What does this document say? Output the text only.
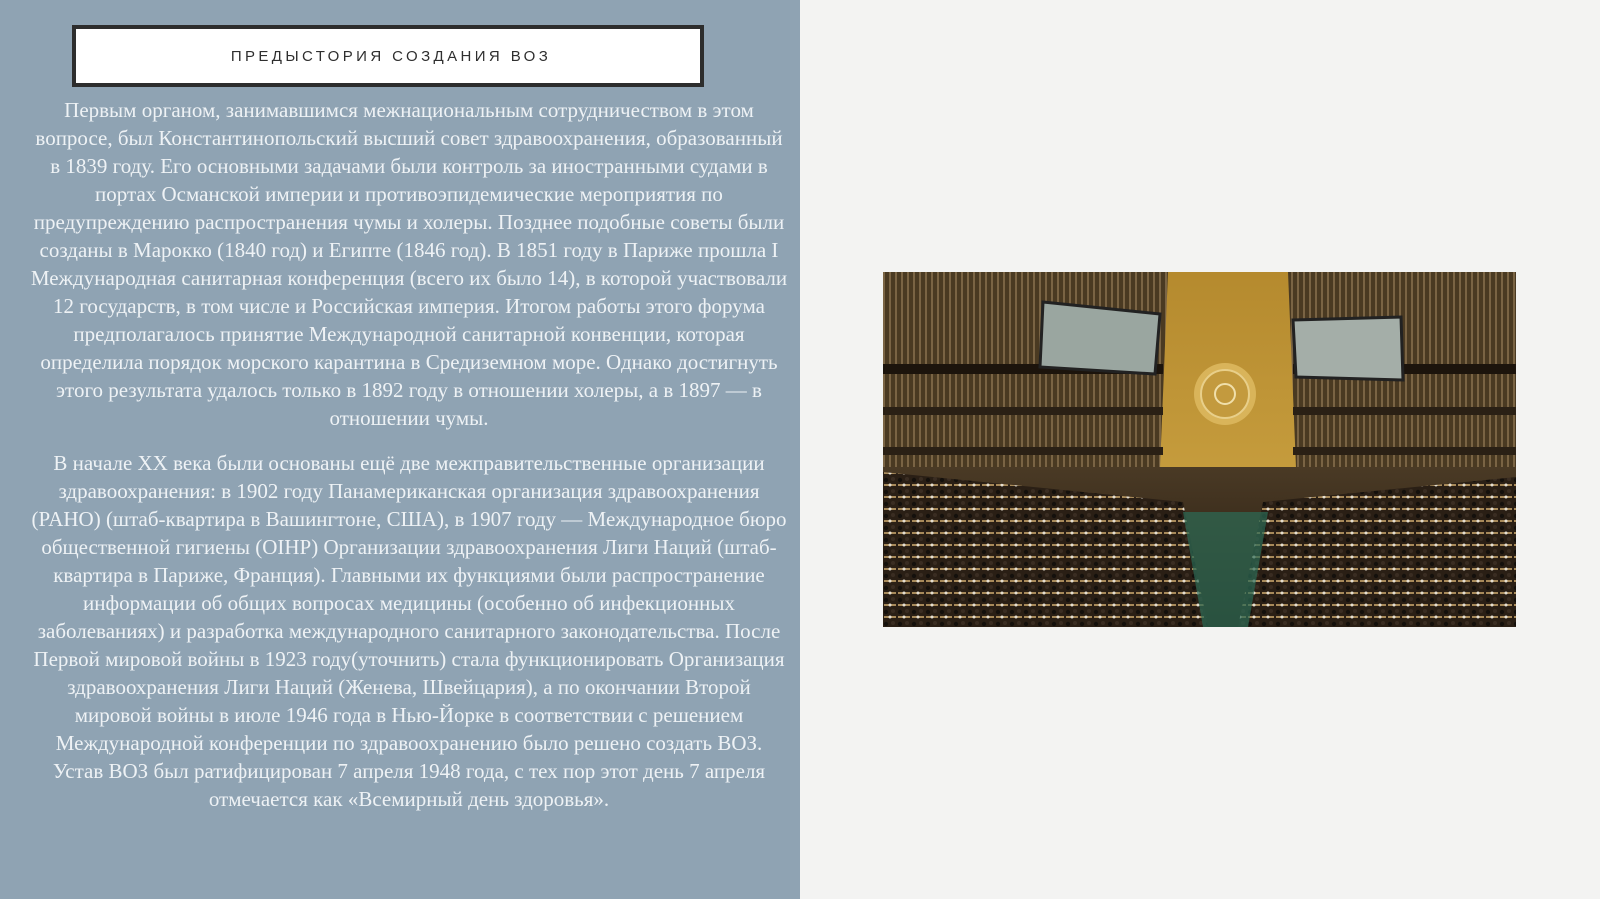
ПРЕДЫСТОРИЯ СОЗДАНИЯ ВОЗ

Первым органом, занимавшимся межнациональным сотрудничеством в этом вопросе, был Константинопольский высший совет здравоохранения, образованный в 1839 году. Его основными задачами были контроль за иностранными судами в портах Османской империи и противоэпидемические мероприятия по предупреждению распространения чумы и холеры. Позднее подобные советы были созданы в Марокко (1840 год) и Египте (1846 год). В 1851 году в Париже прошла I Международная санитарная конференция (всего их было 14), в которой участвовали 12 государств, в том числе и Российская империя. Итогом работы этого форума предполагалось принятие Международной санитарной конвенции, которая определила порядок морского карантина в Средиземном море. Однако достигнуть этого результата удалось только в 1892 году в отношении холеры, а в 1897 — в отношении чумы.

В начале XX века были основаны ещё две межправительственные организации здравоохранения: в 1902 году Панамериканская организация здравоохранения (PAHO) (штаб-квартира в Вашингтоне, США), в 1907 году — Международное бюро общественной гигиены (OIHP) Организации здравоохранения Лиги Наций (штаб-квартира в Париже, Франция). Главными их функциями были распространение информации об общих вопросах медицины (особенно об инфекционных заболеваниях) и разработка международного санитарного законодательства. После Первой мировой войны в 1923 году(уточнить) стала функционировать Организация здравоохранения Лиги Наций (Женева, Швейцария), а по окончании Второй мировой войны в июле 1946 года в Нью-Йорке в соответствии с решением Международной конференции по здравоохранению было решено создать ВОЗ. Устав ВОЗ был ратифицирован 7 апреля 1948 года, с тех пор этот день 7 апреля отмечается как «Всемирный день здоровья».
